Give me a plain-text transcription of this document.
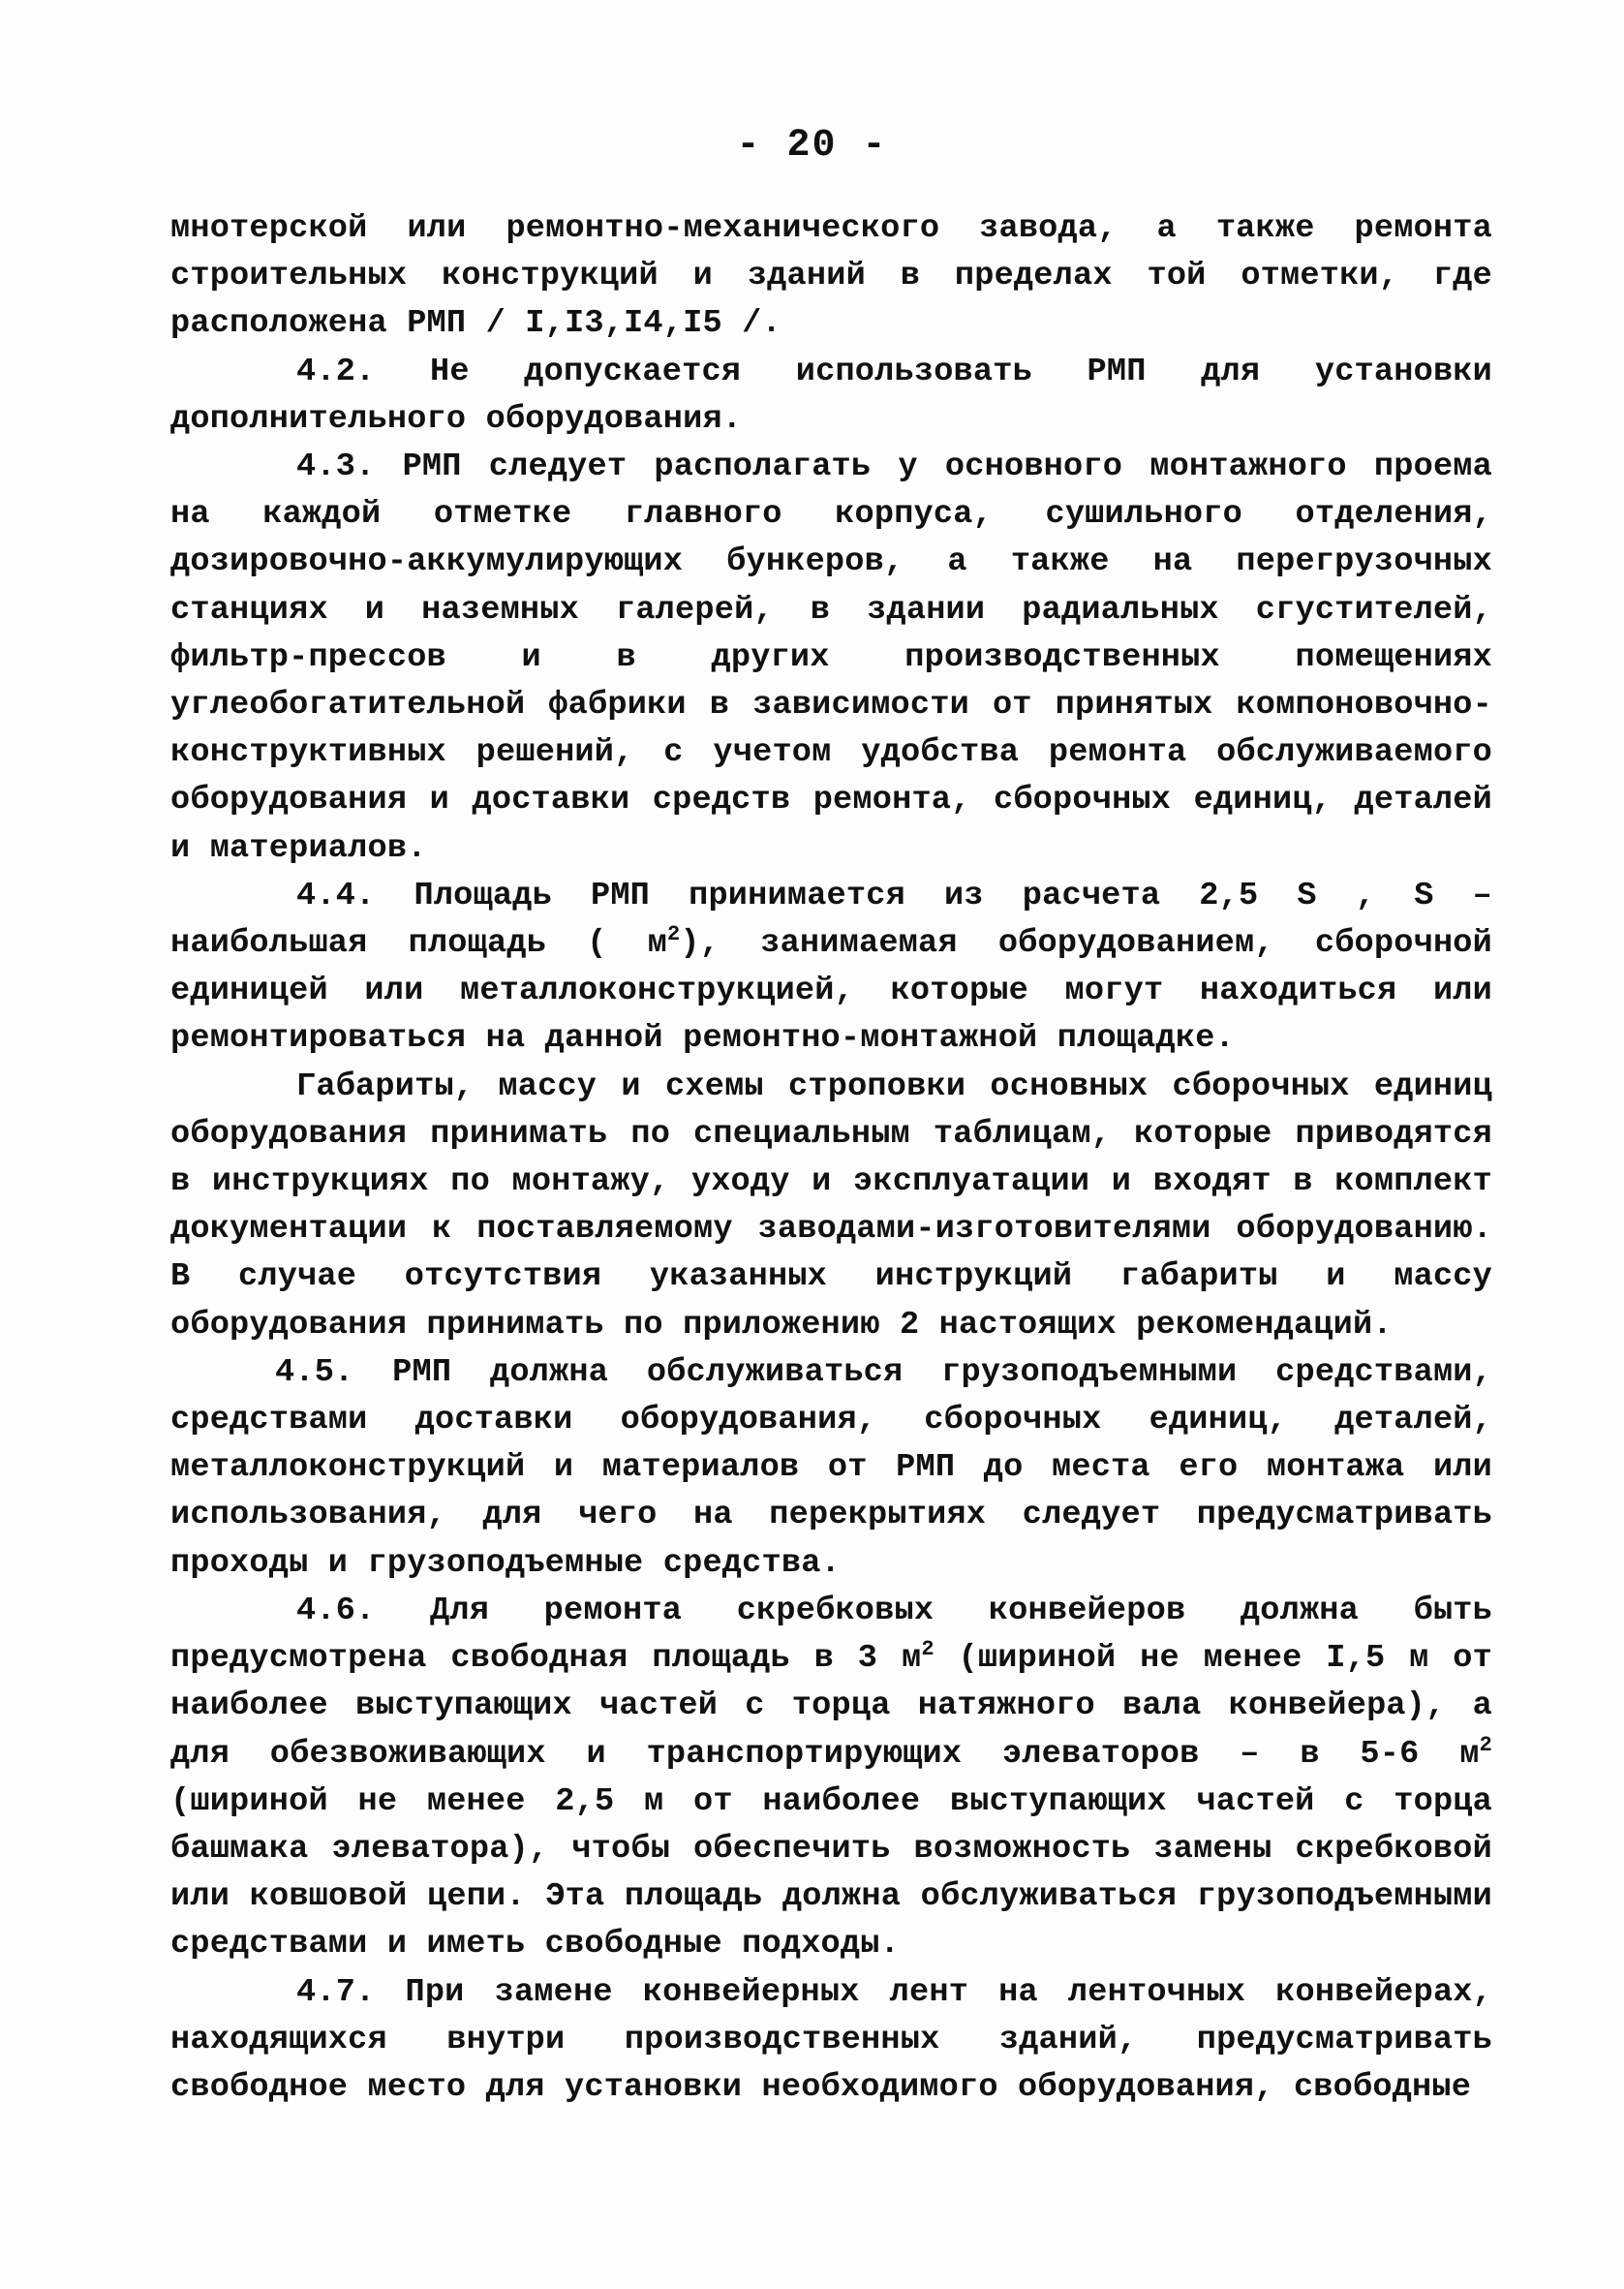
- 20 -

мнотерской или ремонтно-механического завода, а также ремонта строительных конструкций и зданий в пределах той отметки, где расположена РМП / I,I3,I4,I5 /.

4.2. Не допускается использовать РМП для установки дополнительного оборудования.

4.3. РМП следует располагать у основного монтажного проема на каждой отметке главного корпуса, сушильного отделения, дозировочно-аккумулирующих бункеров, а также на перегрузочных станциях и наземных галерей, в здании радиальных сгустителей, фильтр-прессов и в других производственных помещениях углеобогатительной фабрики в зависимости от принятых компоновочно-конструктивных решений, с учетом удобства ремонта обслуживаемого оборудования и доставки средств ремонта, сборочных единиц, деталей и материалов.

4.4. Площадь РМП принимается из расчета 2,5 S , S – наибольшая площадь ( $м^2$), занимаемая оборудованием, сборочной единицей или металлоконструкцией, которые могут находиться или ремонтироваться на данной ремонтно-монтажной площадке.

Габариты, массу и схемы строповки основных сборочных единиц оборудования принимать по специальным таблицам, которые приводятся в инструкциях по монтажу, уходу и эксплуатации и входят в комплект документации к поставляемому заводами-изготовителями оборудованию. В случае отсутствия указанных инструкций габариты и массу оборудования принимать по приложению 2 настоящих рекомендаций.

4.5. РМП должна обслуживаться грузоподъемными средствами, средствами доставки оборудования, сборочных единиц, деталей, металлоконструкций и материалов от РМП до места его монтажа или использования, для чего на перекрытиях следует предусматривать проходы и грузоподъемные средства.

4.6. Для ремонта скребковых конвейеров должна быть предусмотрена свободная площадь в 3 $м^2$ (шириной не менее I,5 м от наиболее выступающих частей с торца натяжного вала конвейера), а для обезвоживающих и транспортирующих элеваторов – в 5-6 $м^2$ (шириной не менее 2,5 м от наиболее выступающих частей с торца башмака элеватора), чтобы обеспечить возможность замены скребковой или ковшовой цепи. Эта площадь должна обслуживаться грузоподъемными средствами и иметь свободные подходы.

4.7. При замене конвейерных лент на ленточных конвейерах, находящихся внутри производственных зданий, предусматривать свободное место для установки необходимого оборудования, свободные
